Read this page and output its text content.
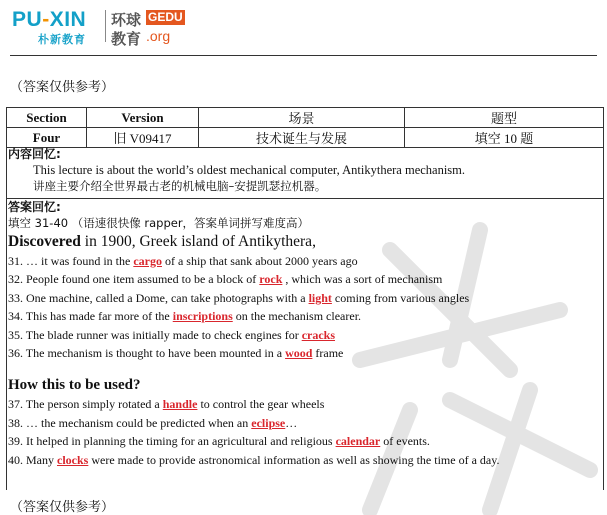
PU-XIN
朴新教育
环球
教育
GEDU
.org
（答案仅供参考）
Section	Version	场景	题型
Four	旧 V09417	技术诞生与发展	填空 10 题
内容回忆:
This lecture is about the world’s oldest mechanical computer, Antikythera mechanism.
讲座主要介绍全世界最古老的机械电脑–安提凯瑟拉机器。
答案回忆:
填空 31-40 （语速很快像 rapper，答案单词拼写难度高）
Discovered in 1900, Greek island of Antikythera,
31. … it was found in the cargo of a ship that sank about 2000 years ago
32. People found one item assumed to be a block of rock , which was a sort of mechanism
33. One machine, called a Dome, can take photographs with a light coming from various angles
34. This has made far more of the inscriptions on the mechanism clearer.
35. The blade runner was initially made to check engines for cracks
36. The mechanism is thought to have been mounted in a wood frame
How this to be used?
37. The person simply rotated a handle to control the gear wheels
38. … the mechanism could be predicted when an eclipse…
39. It helped in planning the timing for an agricultural and religious calendar of events.
40. Many clocks were made to provide astronomical information as well as showing the time of a day.
（答案仅供参考）
